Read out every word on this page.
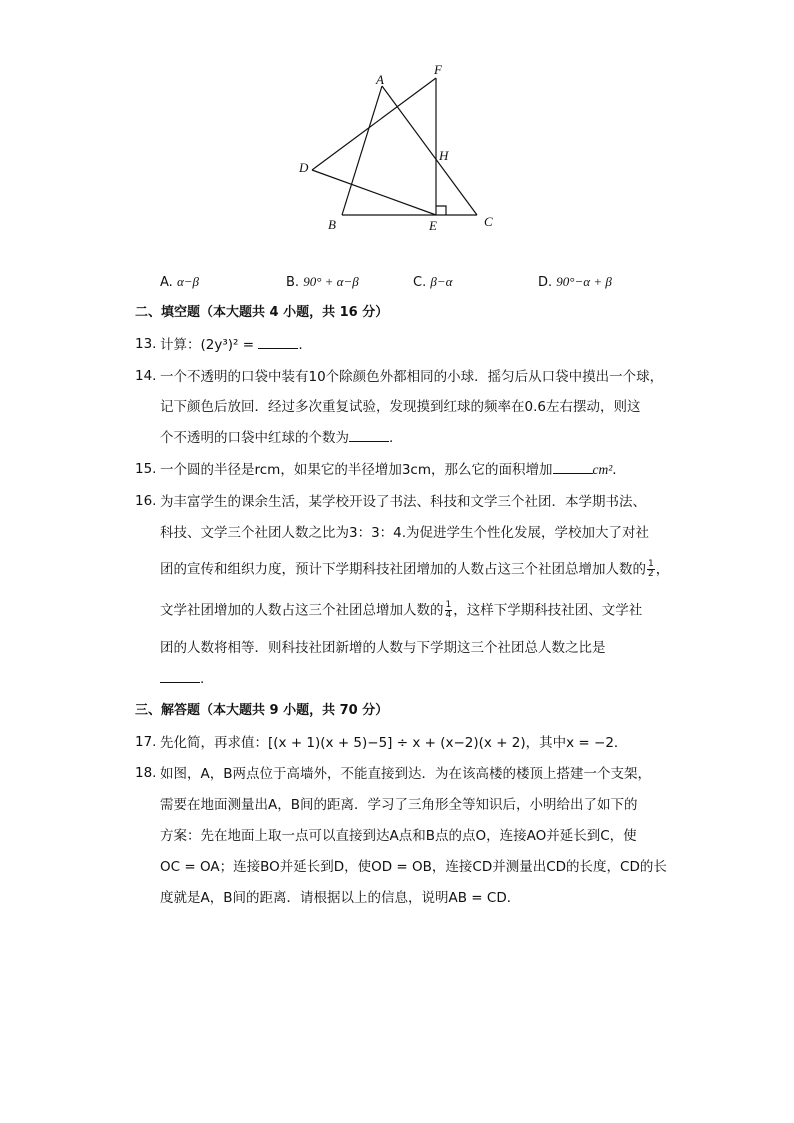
A
F
D
H
B	E	C
A. α−β	B. 90° + α−β	C. β−α	D. 90°−α + β
二、填空题（本大题共 4 小题，共 16 分）
13. 计算：(2y³)² =	.
14. 一个不透明的口袋中装有10个除颜色外都相同的小球．摇匀后从口袋中摸出一个球，
记下颜色后放回．经过多次重复试验，发现摸到红球的频率在0.6左右摆动，则这
个不透明的口袋中红球的个数为	.
15. 一个圆的半径是rcm，如果它的半径增加3cm，那么它的面积增加	cm².
16. 为丰富学生的课余生活，某学校开设了书法、科技和文学三个社团．本学期书法、
科技、文学三个社团人数之比为3：3：4.为促进学生个性化发展，学校加大了对社
团的宣传和组织力度，预计下学期科技社团增加的人数占这三个社团总增加人数的 $\frac{1}{2}$ ，
文学社团增加的人数占这三个社团总增加人数的 $\frac{1}{4}$ ，这样下学期科技社团、文学社
团的人数将相等．则科技社团新增的人数与下学期这三个社团总人数之比是
.
三、解答题（本大题共 9 小题，共 70 分）
17. 先化简，再求值：[(x + 1)(x + 5)−5] ÷ x + (x−2)(x + 2)，其中x = −2．
18. 如图，A，B两点位于高墙外，不能直接到达．为在该高楼的楼顶上搭建一个支架，
需要在地面测量出A，B间的距离．学习了三角形全等知识后，小明给出了如下的
方案：先在地面上取一点可以直接到达A点和B点的点O，连接AO并延长到C，使
OC = OA；连接BO并延长到D，使OD = OB，连接CD并测量出CD的长度，CD的长
度就是A，B间的距离．请根据以上的信息，说明AB = CD．
